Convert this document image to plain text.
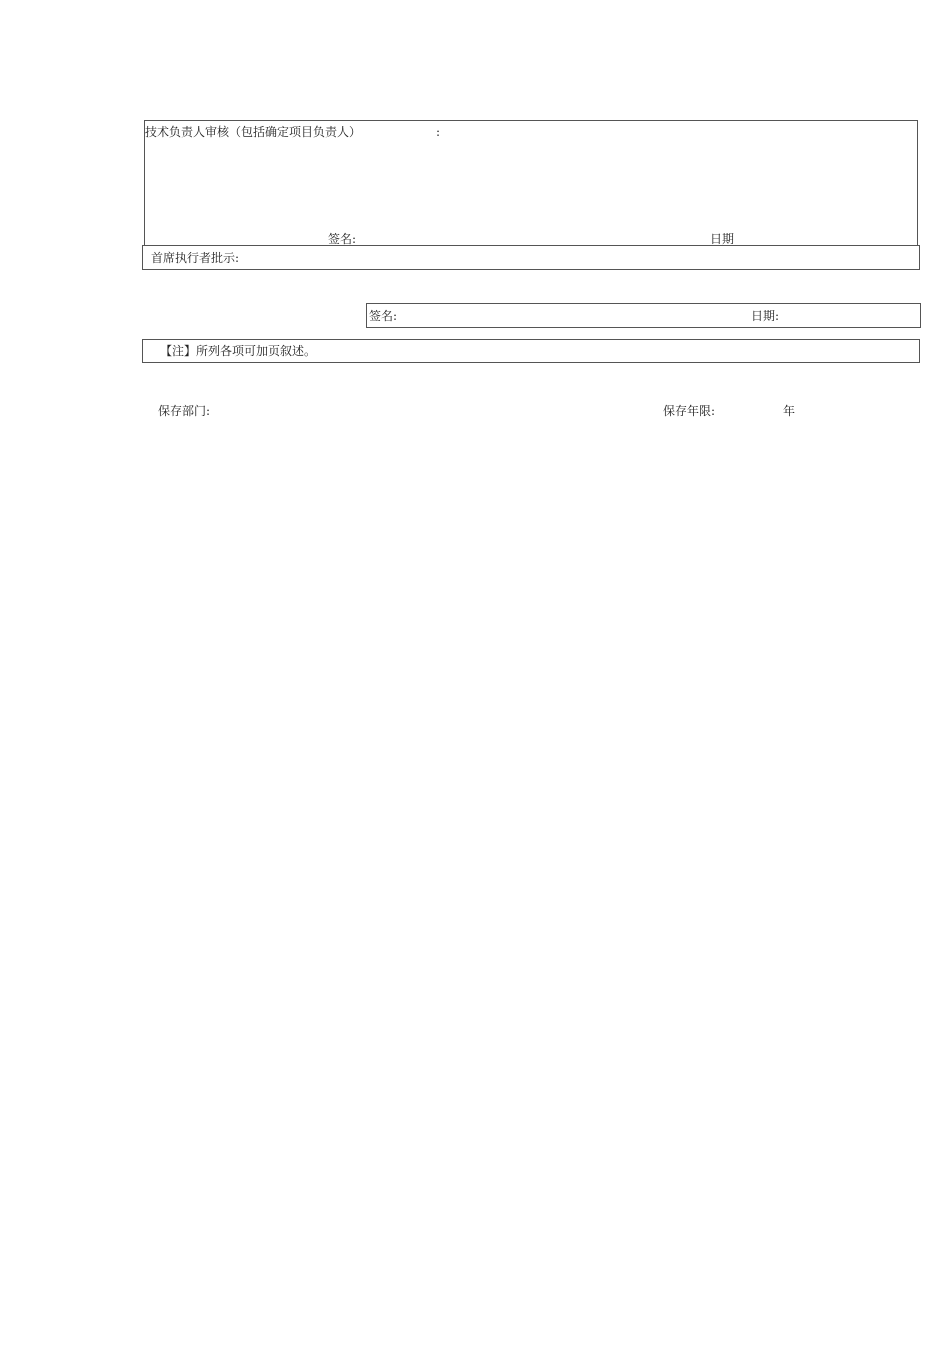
技术负责人审核（包括确定项目负责人）	:
签名:	日期
首席执行者批示:
签名:	日期:
【注】所列各项可加页叙述。
保存部门:	保存年限:	年
